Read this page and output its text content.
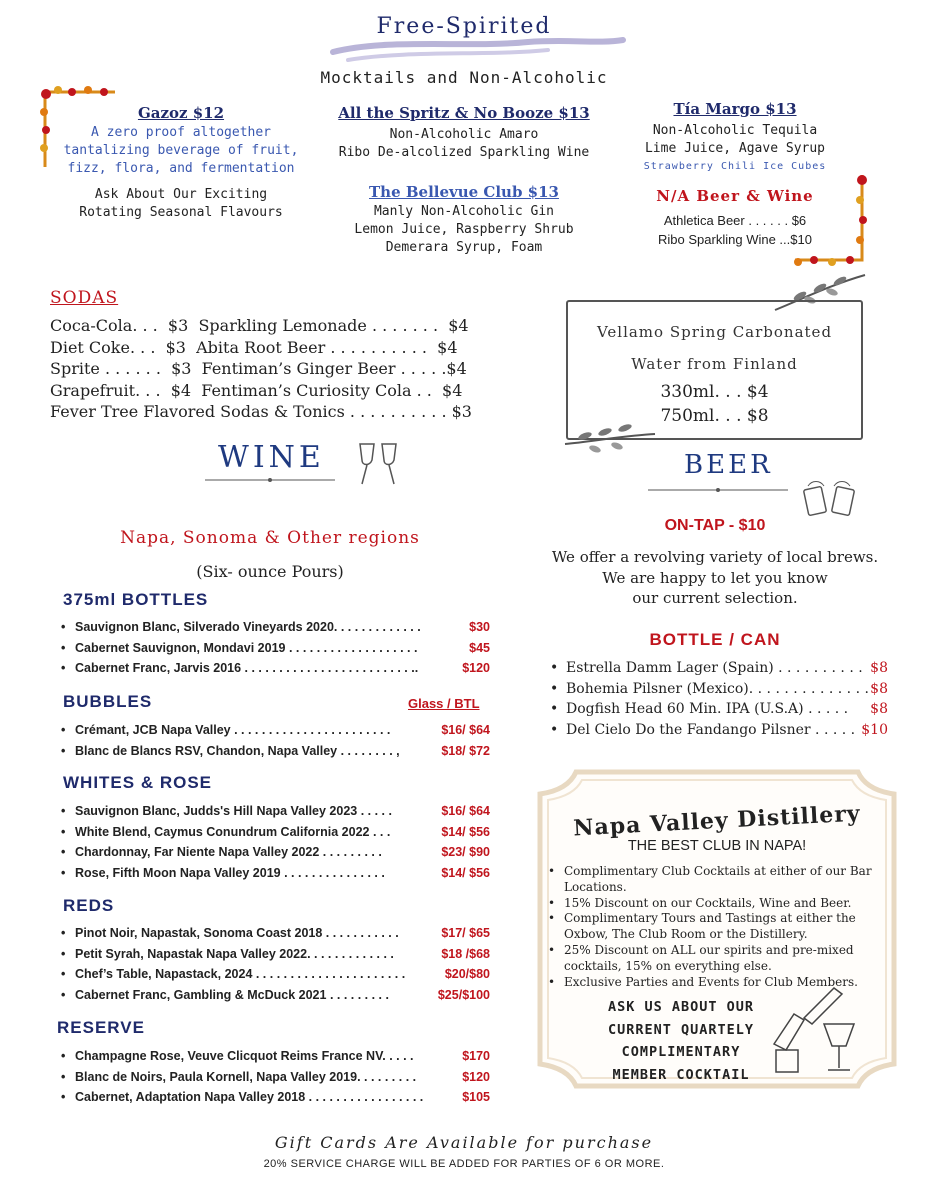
Free-Spirited
Mocktails and Non-Alcoholic
Gazoz $12
A zero proof altogether
tantalizing beverage of fruit,
fizz, flora, and fermentation
Ask About Our Exciting
Rotating Seasonal Flavours
All the Spritz & No Booze $13
Non-Alcoholic Amaro
Ribo De-alcolized Sparkling Wine
The Bellevue Club $13
Manly Non-Alcoholic Gin
Lemon Juice, Raspberry Shrub
Demerara Syrup, Foam
Tía Margo $13
Non-Alcoholic Tequila
Lime Juice, Agave Syrup
Strawberry Chili Ice Cubes
N/A Beer & Wine
Athletica Beer . . . . . . $6
Ribo Sparkling Wine ...$10
SODAS
Coca-Cola. . .  $3  Sparkling Lemonade . . . . . . .  $4
Diet Coke. . .  $3  Abita Root Beer . . . . . . . . . .  $4
Sprite . . . . . .  $3  Fentiman’s Ginger Beer . . . . .$4
Grapefruit. . .  $4  Fentiman’s Curiosity Cola . .  $4
Fever Tree Flavored Sodas & Tonics . . . . . . . . . . $3
Vellamo Spring Carbonated
Water from Finland
330ml. . . $4
750ml. . . $8
WINE
Napa, Sonoma & Other regions
(Six- ounce Pours)
375ml BOTTLES
• Sauvignon Blanc, Silverado Vineyards 2020. . . . . . . . . . . . .	$30
• Cabernet Sauvignon, Mondavi 2019 . . . . . . . . . . . . . . . . . . .	$45
• Cabernet Franc, Jarvis 2016 . . . . . . . . . . . . . . . . . . . . . . . . ..	$120
BUBBLES	Glass / BTL
• Crémant, JCB Napa Valley . . . . . . . . . . . . . . . . . . . . . . .	$16/ $64
• Blanc de Blancs RSV, Chandon, Napa Valley . . . . . . . . ,	$18/ $72
WHITES & ROSE
• Sauvignon Blanc, Judds's Hill Napa Valley 2023 . . . . .	$16/ $64
• White Blend, Caymus Conundrum California 2022 . . .	$14/ $56
• Chardonnay, Far Niente Napa Valley 2022 . . . . . . . . .	$23/ $90
• Rose, Fifth Moon Napa Valley 2019 . . . . . . . . . . . . . . .	$14/ $56
REDS
• Pinot Noir, Napastak, Sonoma Coast 2018 . . . . . . . . . . .	$17/ $65
• Petit Syrah, Napastak Napa Valley 2022. . . . . . . . . . . . .	$18 /$68
• Chef’s Table, Napastack, 2024 . . . . . . . . . . . . . . . . . . . . . .	$20/$80
• Cabernet Franc, Gambling & McDuck 2021 . . . . . . . . .	$25/$100
RESERVE
• Champagne Rose, Veuve Clicquot Reims France NV. . . . .	$170
• Blanc de Noirs, Paula Kornell, Napa Valley 2019. . . . . . . . .	$120
• Cabernet, Adaptation Napa Valley 2018 . . . . . . . . . . . . . . . . .	$105
BEER
ON-TAP - $10
We offer a revolving variety of local brews.
We are happy to let you know
our current selection.
BOTTLE / CAN
• Estrella Damm Lager (Spain) . . . . . . . . . . $8
• Bohemia Pilsner (Mexico). . . . . . . . . . . . . . $8
• Dogfish Head 60 Min. IPA (U.S.A) . . . . . $8
• Del Cielo Do the Fandango Pilsner . . . . . $10
Napa Valley Distillery
THE BEST CLUB IN NAPA!
• Complimentary Club Cocktails at either of our Bar Locations.
• 15% Discount on our Cocktails, Wine and Beer.
• Complimentary Tours and Tastings at either the Oxbow, The Club Room or the Distillery.
• 25% Discount on ALL our spirits and pre-mixed cocktails, 15% on everything else.
• Exclusive Parties and Events for Club Members.
ASK US ABOUT OUR
CURRENT QUARTELY
COMPLIMENTARY
MEMBER COCKTAIL
Gift Cards Are Available for purchase
20% SERVICE CHARGE WILL BE ADDED FOR PARTIES OF 6 OR MORE.
